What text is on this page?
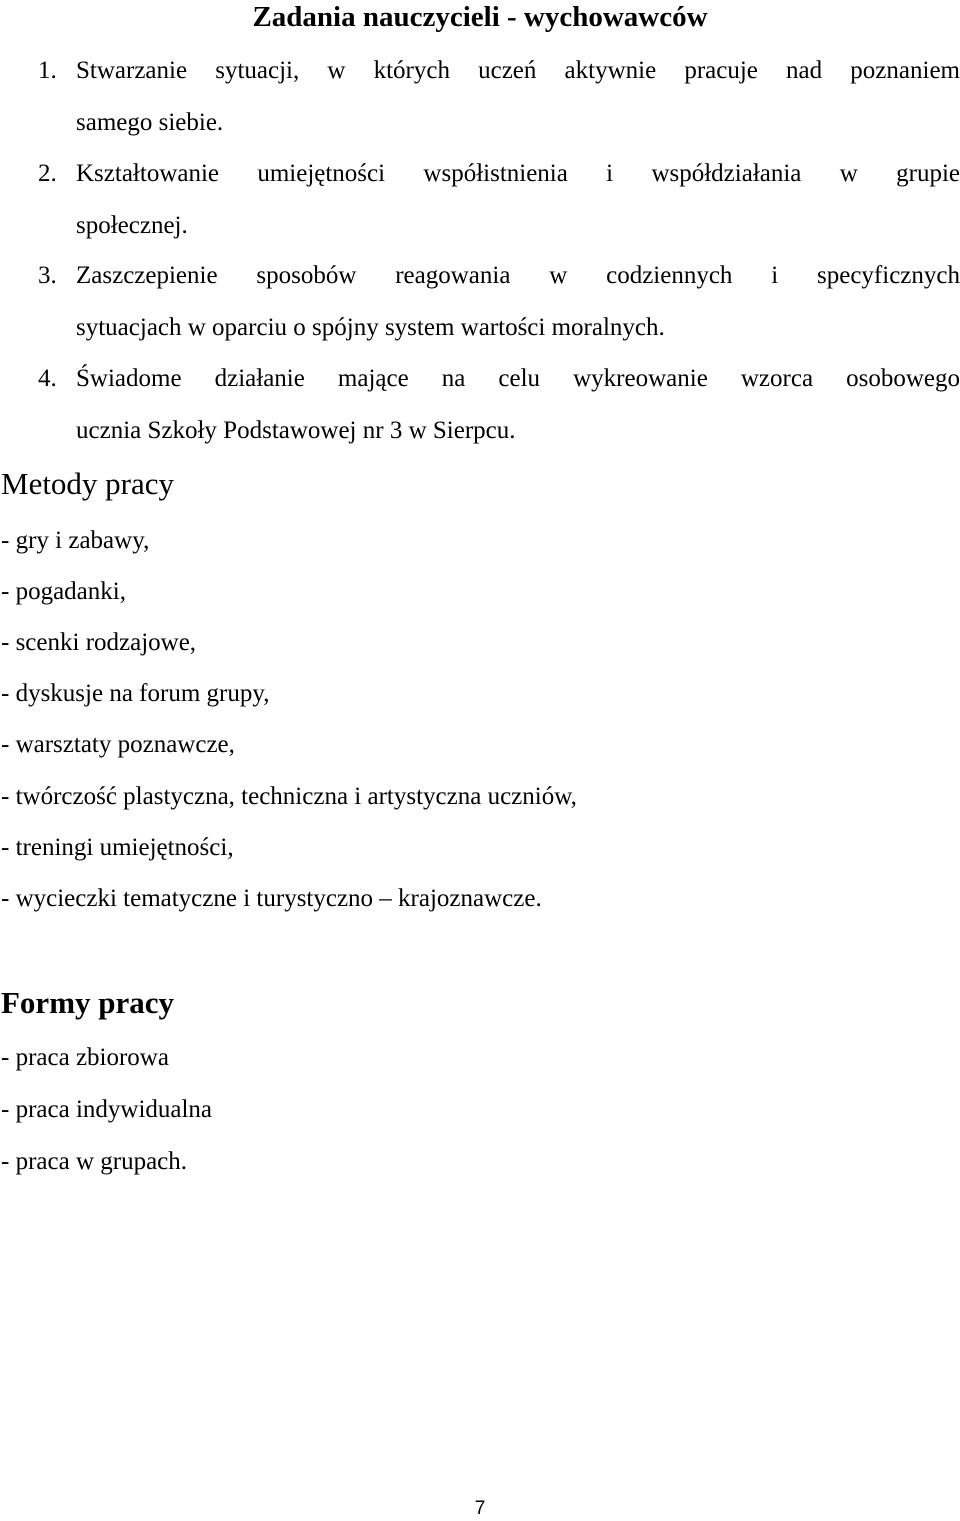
Zadania nauczycieli - wychowawców
1. Stwarzanie sytuacji, w których uczeń aktywnie pracuje nad poznaniem
samego siebie.
2. Kształtowanie umiejętności współistnienia i współdziałania w grupie
społecznej.
3. Zaszczepienie sposobów reagowania w codziennych i specyficznych
sytuacjach w oparciu o spójny system wartości moralnych.
4. Świadome działanie mające na celu wykreowanie wzorca osobowego
ucznia Szkoły Podstawowej nr 3 w Sierpcu.
Metody pracy
- gry i zabawy,
- pogadanki,
- scenki rodzajowe,
- dyskusje na forum grupy,
- warsztaty poznawcze,
- twórczość plastyczna, techniczna i artystyczna uczniów,
- treningi umiejętności,
- wycieczki tematyczne i turystyczno – krajoznawcze.
Formy pracy
- praca zbiorowa
- praca indywidualna
- praca w grupach.
7
